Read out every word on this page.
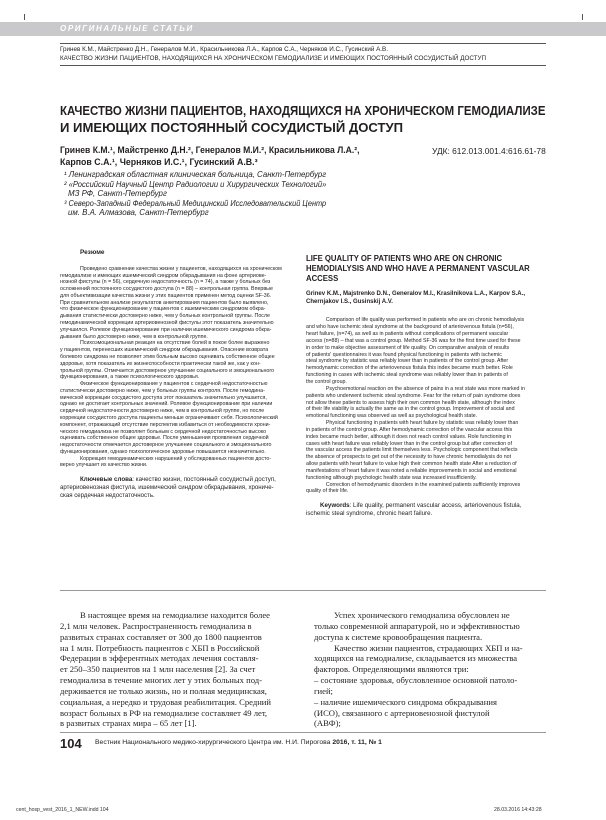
ОРИГИНАЛЬНЫЕ СТАТЬИ
Гринев К.М., Майстренко Д.Н., Генералов М.И., Красильникова Л.А., Карпов С.А., Черняков И.С., Гусинский А.В.
КАЧЕСТВО ЖИЗНИ ПАЦИЕНТОВ, НАХОДЯЩИХСЯ НА ХРОНИЧЕСКОМ ГЕМОДИАЛИЗЕ И ИМЕЮЩИХ ПОСТОЯННЫЙ СОСУДИСТЫЙ ДОСТУП
КАЧЕСТВО ЖИЗНИ ПАЦИЕНТОВ, НАХОДЯЩИХСЯ НА ХРОНИЧЕСКОМ ГЕМОДИАЛИЗЕ
И ИМЕЮЩИХ ПОСТОЯННЫЙ СОСУДИСТЫЙ ДОСТУП
Гринев К.М.¹, Майстренко Д.Н.², Генералов М.И.², Красильникова Л.А.²,
Карпов С.А.¹, Черняков И.С.¹, Гусинский А.В.³
УДК: 612.013.001.4:616.61-78
¹ Ленинградская областная клиническая больница, Санкт-Петербург
² «Российский Научный Центр Радиологии и Хирургических Технологий»
МЗ РФ, Санкт-Петербург
³ Северо-Западный Федеральный Медицинский Исследовательский Центр
им. В.А. Алмазова, Санкт-Петербург
Резюме
Проведено сравнение качества жизни у пациентов, находящихся на хроническом
гемодиализе и имеющих ишемический синдром обкрадывания на фоне артериове-
нозной фистулы (n = 56), сердечную недостаточность (n = 74), а также у больных без
осложнений постоянного сосудистого доступа (n = 88) – контрольная группа. Впервые
для объективизации качества жизни у этих пациентов применен метод оценки SF-36.
При сравнительном анализе результатов анкетирования пациентов было выявлено,
что физическое функционирование у пациентов с ишемическим синдромом обкра-
дывания статистически достоверно ниже, чем у больных контрольной группы. После
гемодинамической коррекции артериовенозной фистулы этот показатель значительно
улучшился. Ролевое функционирование при наличии ишемического синдрома обкра-
дывания было достоверно ниже, чем в контрольной группе.
Психоэмоциональная реакция на отсутствие болей в покое более выражено
у пациентов, перенесших ишемический синдром обкрадывания. Опасение возврата
болевого синдрома не позволяет этим больным высоко оценивать собственное общее
здоровье, хотя показатель их жизнеспособности практически такой же, как у кон-
трольной группы. Отмечается достоверное улучшение социального и эмоционального
функционирования, а также психологического здоровья.
Физическое функционирование у пациентов с сердечной недостаточностью
статистически достоверно ниже, чем у больных группы контроля. После гемодина-
мической коррекции сосудистого доступа этот показатель значительно улучшается,
однако не достигает контрольных значений. Ролевое функционирование при наличии
сердечной недостаточности достоверно ниже, чем в контрольной группе, но после
коррекции сосудистого доступа пациенты меньше ограничивают себя. Психологический
компонент, отражающий отсутствие перспектив избавиться от необходимости хрони-
ческого гемодиализа не позволяет больным с сердечной недостаточностью высоко
оценивать собственное общее здоровье. После уменьшения проявления сердечной
недостаточности отмечается достоверное улучшение социального и эмоционального
функционирования, однако психологическое здоровье повышается незначительно.
Коррекция гемодинамических нарушений у обследованных пациентов досто-
верно улучшает их качество жизни.
Ключевые слова: качество жизни, постоянный сосудистый доступ,
артериовенозная фистула, ишемический синдром обкрадывания, хрониче-
ская сердечная недостаточность.
LIFE QUALITY OF PATIENTS WHO ARE ON CHRONIC
HEMODIALYSIS AND WHO HAVE A PERMANENT VASCULAR
ACCESS
Grinev K.M., Majstrenko D.N., Generalov M.I., Krasilnikova L.A., Karpov S.A.,
Chernjakov I.S., Gusinskij A.V.
Comparison of life quality was performed in patients who are on chronic hemodialysis
and who have ischemic steal syndrome at the background of arteriovenous fistula (n=56),
heart failure, (n=74), as well as in patients without complications of permanent vascular
access (n=88) – that was a control group. Method SF-36 was for the first time used for these
in order to make objective assessment of life quality. On comparative analysis of results
of patients' questionnaires it was found physical functioning in patients with ischemic
steal syndrome by statistic was reliably lower than in patients of the control group. After
hemodynamic correction of the arteriovenous fistula this index became much better. Role
functioning in cases with ischemic steal syndrome was reliably lower than in patients of
the control group.
Psychoemotional reaction on the absence of pains in a rest state was more marked in
patients who underwent ischemic steal syndrome. Fear for the return of pain syndrome does
not allow these patients to assess high their own common health state, although the index
of their life viability is actually the same as in the control group. Improvement of social and
emotional functioning was observed as well as psychological health state.
Physical functioning in patients with heart failure by statistic was reliably lower than
in patients of the control group. After hemodynamic correction of the vascular access this
index became much better, although it does not reach control values. Role functioning in
cases with heart failure was reliably lower than in the control group but after correction of
the vascular access the patients limit themselves less. Psychologic component that reflects
the absence of prospects to get out of the necessity to have chronic hemodialysis do not
allow patients with heart failure to value high their common health state After a reduction of
manifestations of heart failure it was noted a reliable improvements in social and emotional
functioning although psychologic health state was increased insufficiently.
Correction of hemodynamic disorders in the examined patients sufficiently improves
quality of their life.
Keywords: Life quality, permanent vascular access, arteriovenous fistula,
ischemic steal syndrome, chronic heart failure.
В настоящее время на гемодиализе находится более
2,1 млн человек. Распространенность гемодиализа в
развитых странах составляет от 300 до 1800 пациентов
на 1 млн. Потребность пациентов с ХБП в Российской
Федерации в эфферентных методах лечения составля-
ет 250–350 пациентов на 1 млн населения [2]. За счет
гемодиализа в течение многих лет у этих больных под-
держивается не только жизнь, но и полная медицинская,
социальная, а нередко и трудовая реабилитация. Средний
возраст больных в РФ на гемодиализе составляет 49 лет,
в развитых странах мира – 65 лет [1].
Успех хронического гемодиализа обусловлен не
только современной аппаратурой, но и эффективностью
доступа к системе кровообращения пациента.
Качество жизни пациентов, страдающих ХБП и на-
ходящихся на гемодиализе, складывается из множества
факторов. Определяющими являются три:
– состояние здоровья, обусловленное основной патоло-
гией;
– наличие ишемического синдрома обкрадывания
(ИСО), связанного с артериовенозной фистулой
(АВФ);
104 Вестник Национального медико-хирургического Центра им. Н.И. Пирогова 2016, т. 11, № 1
cent_hosp_vest_2016_1_NEW.indd 104	28.03.2016 14:43:28
